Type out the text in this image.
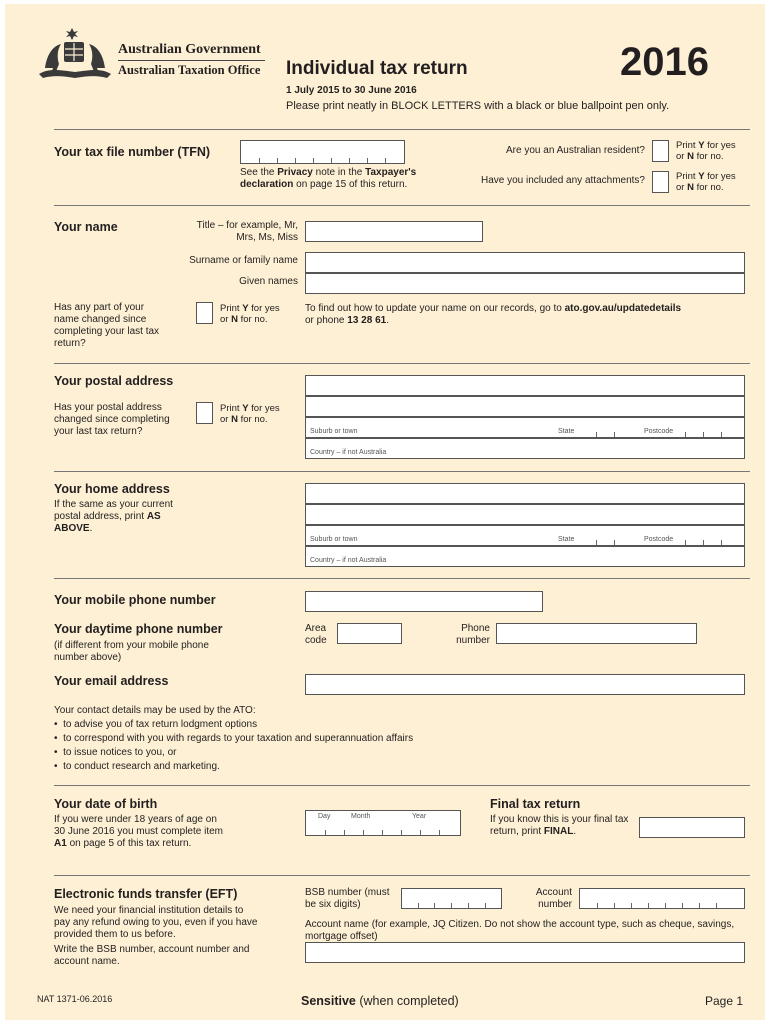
Australian Government
Australian Taxation Office Individual tax return	2016
1 July 2015 to 30 June 2016
Please print neatly in BLOCK LETTERS with a black or blue ballpoint pen only.
Your tax file number (TFN)
See the Privacy note in the Taxpayer's declaration on page 15 of this return.
Are you an Australian resident?	Print Y for yes
or N for no.
Have you included any attachments?	Print Y for yes
or N for no.
Your name	Title – for example, Mr, Mrs, Ms, Miss
Surname or family name
Given names
Has any part of your name changed since completing your last tax return?
Print Y for yes
or N for no.
To find out how to update your name on our records, go to ato.gov.au/updatedetails
or phone 13 28 61.
Your postal address
Has your postal address changed since completing your last tax return?
Print Y for yes
or N for no.
Suburb or town	State	Postcode
Country – if not Australia
Your home address
If the same as your current postal address, print AS ABOVE.
Suburb or town	State	Postcode
Country – if not Australia
Your mobile phone number
Your daytime phone number
(if different from your mobile phone number above)
Area code
Phone number
Your email address
Your contact details may be used by the ATO:
•  to advise you of tax return lodgment options
•  to correspond with you with regards to your taxation and superannuation affairs
•  to issue notices to you, or
•  to conduct research and marketing.
Your date of birth
If you were under 18 years of age on 30 June 2016 you must complete item A1 on page 5 of this tax return.
Day	Month	Year
Final tax return
If you know this is your final tax return, print FINAL.
Electronic funds transfer (EFT)
We need your financial institution details to pay any refund owing to you, even if you have provided them to us before.
Write the BSB number, account number and account name.
BSB number (must be six digits)
Account number
Account name (for example, JQ Citizen. Do not show the account type, such as cheque, savings, mortgage offset)
NAT 1371-06.2016	Sensitive (when completed)	Page 1
